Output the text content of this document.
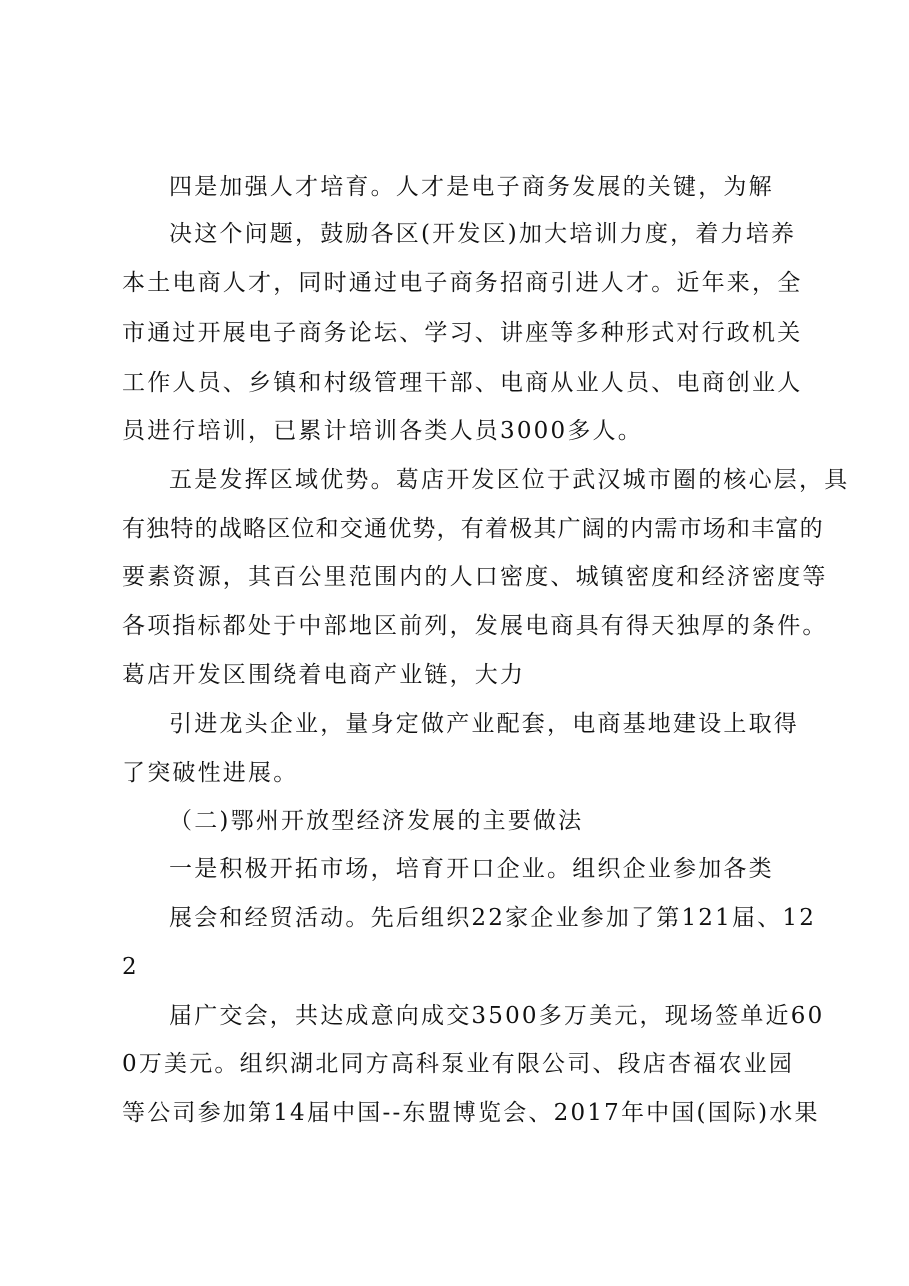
四是加强人才培育。人才是电子商务发展的关键，为解
决这个问题，鼓励各区(开发区)加大培训力度，着力培养
本土电商人才，同时通过电子商务招商引进人才。近年来，全
市通过开展电子商务论坛、学习、讲座等多种形式对行政机关
工作人员、乡镇和村级管理干部、电商从业人员、电商创业人
员进行培训，已累计培训各类人员3000多人。
五是发挥区域优势。葛店开发区位于武汉城市圈的核心层，具
有独特的战略区位和交通优势，有着极其广阔的内需市场和丰富的
要素资源，其百公里范围内的人口密度、城镇密度和经济密度等
各项指标都处于中部地区前列，发展电商具有得天独厚的条件。
葛店开发区围绕着电商产业链，大力
引进龙头企业，量身定做产业配套，电商基地建设上取得
了突破性进展。
（二)鄂州开放型经济发展的主要做法
一是积极开拓市场，培育开口企业。组织企业参加各类
展会和经贸活动。先后组织22家企业参加了第121届、12
2
届广交会，共达成意向成交3500多万美元，现场签单近60
0万美元。组织湖北同方高科泵业有限公司、段店杏福农业园
等公司参加第14届中国--东盟博览会、2017年中国(国际)水果
